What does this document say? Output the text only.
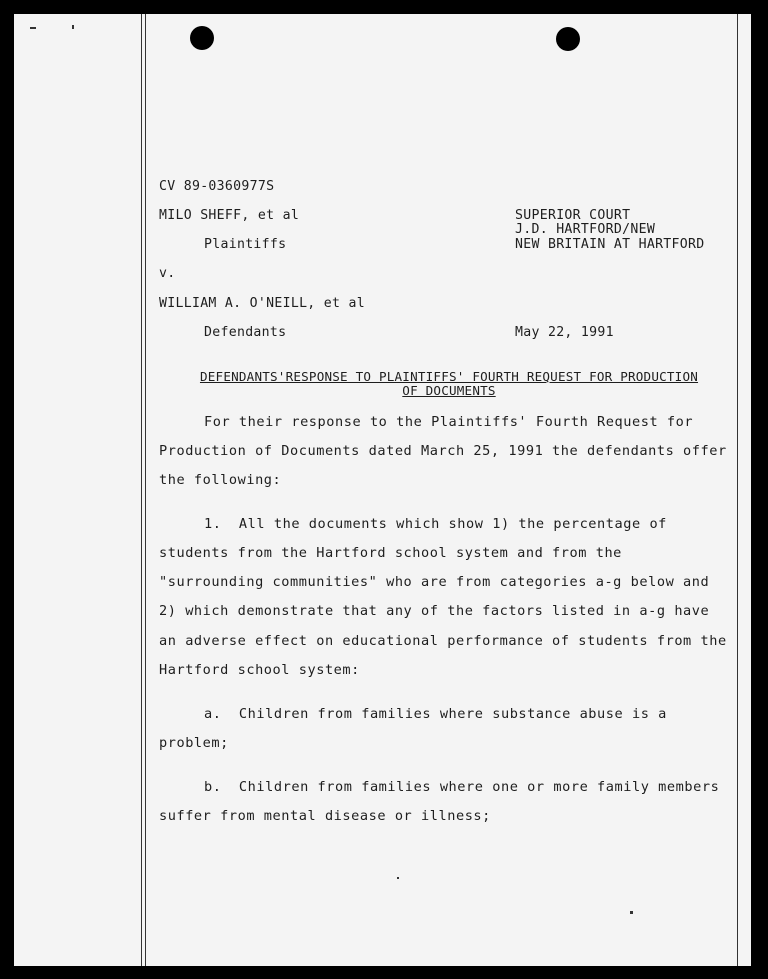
CV 89-0360977S
MILO SHEFF, et al
Plaintiffs
v.
WILLIAM A. O'NEILL, et al
Defendants
SUPERIOR COURT
J.D. HARTFORD/NEW
NEW BRITAIN AT HARTFORD
May 22, 1991
DEFENDANTS'RESPONSE TO PLAINTIFFS' FOURTH REQUEST FOR PRODUCTION
OF DOCUMENTS
For their response to the Plaintiffs' Fourth Request for
Production of Documents dated March 25, 1991 the defendants offer
the following:
1.  All the documents which show 1) the percentage of
students from the Hartford school system and from the
"surrounding communities" who are from categories a-g below and
2) which demonstrate that any of the factors listed in a-g have
an adverse effect on educational performance of students from the
Hartford school system:
a.  Children from families where substance abuse is a
problem;
b.  Children from families where one or more family members
suffer from mental disease or illness;
